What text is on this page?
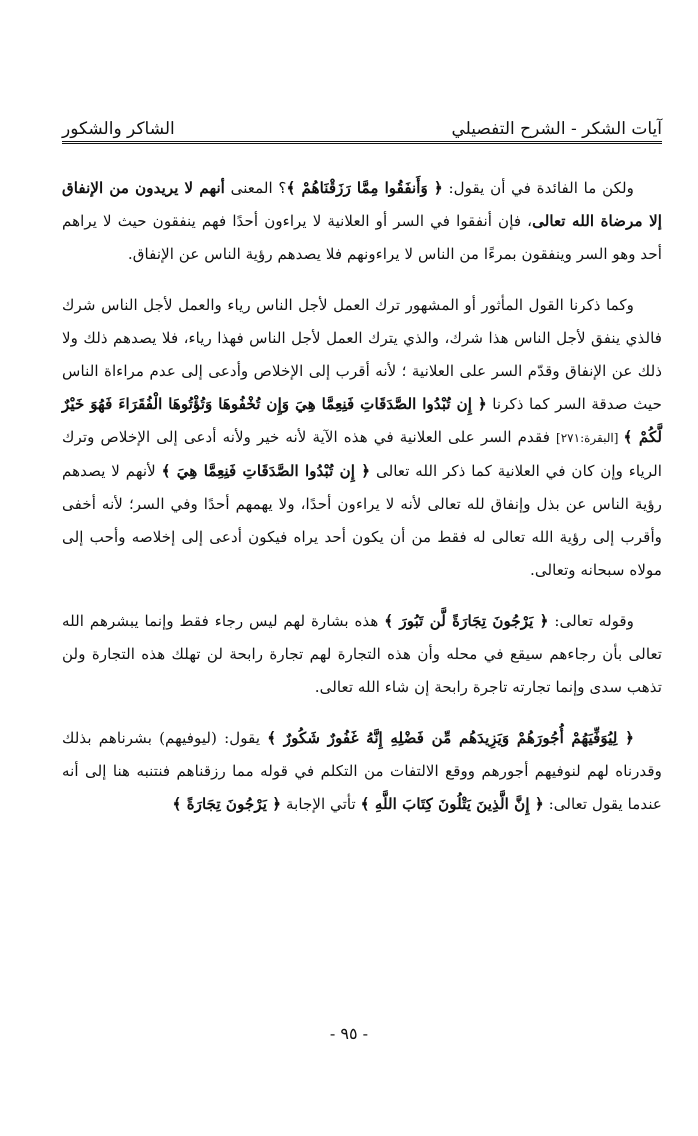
آيات الشكر - الشرح التفصيلي
الشاكر والشكور

ولكن ما الفائدة في أن يقول: ﴿ وَأَنفَقُوا مِمَّا رَزَقْنَاهُمْ ﴾؟ المعنى أنهم لا يريدون من الإنفاق إلا مرضاة الله تعالى، فإن أنفقوا في السر أو العلانية لا يراءون أحدًا فهم ينفقون حيث لا يراهم أحد وهو السر وينفقون بمرءًا من الناس لا يراءونهم فلا يصدهم رؤية الناس عن الإنفاق.

وكما ذكرنا القول المأثور أو المشهور ترك العمل لأجل الناس رياء والعمل لأجل الناس شرك فالذي ينفق لأجل الناس هذا شرك، والذي يترك العمل لأجل الناس فهذا رياء، فلا يصدهم ذلك ولا ذلك عن الإنفاق وقدّم السر على العلانية ؛ لأنه أقرب إلى الإخلاص وأدعى إلى عدم مراءاة الناس حيث صدقة السر كما ذكرنا ﴿ إِن تُبْدُوا الصَّدَقَاتِ فَنِعِمَّا هِيَ وَإِن تُخْفُوهَا وَتُؤْتُوهَا الْفُقَرَاءَ فَهُوَ خَيْرٌ لَّكُمْ ﴾ [البقرة:٢٧١] فقدم السر على العلانية في هذه الآية لأنه خير ولأنه أدعى إلى الإخلاص وترك الرياء وإن كان في العلانية كما ذكر الله تعالى ﴿ إِن تُبْدُوا الصَّدَقَاتِ فَنِعِمَّا هِيَ ﴾ لأنهم لا يصدهم رؤية الناس عن بذل وإنفاق لله تعالى لأنه لا يراءون أحدًا، ولا يهمهم أحدًا وفي السر؛ لأنه أخفى وأقرب إلى رؤية الله تعالى له فقط من أن يكون أحد يراه فيكون أدعى إلى إخلاصه وأحب إلى مولاه سبحانه وتعالى.

وقوله تعالى: ﴿ يَرْجُونَ تِجَارَةً لَّن تَبُورَ ﴾ هذه بشارة لهم ليس رجاء فقط وإنما يبشرهم الله تعالى بأن رجاءهم سيقع في محله وأن هذه التجارة لهم تجارة رابحة لن تهلك هذه التجارة ولن تذهب سدى وإنما تجارته تاجرة رابحة إن شاء الله تعالى.

﴿ لِيُوَفِّيَهُمْ أُجُورَهُمْ وَيَزِيدَهُم مِّن فَضْلِهِ إِنَّهُ غَفُورٌ شَكُورٌ ﴾ يقول: (ليوفيهم) بشرناهم بذلك وقدرناه لهم لنوفيهم أجورهم ووقع الالتفات من التكلم في قوله مما رزقناهم فنتنبه هنا إلى أنه عندما يقول تعالى: ﴿ إِنَّ الَّذِينَ يَتْلُونَ كِتَابَ اللَّهِ ﴾ تأتي الإجابة ﴿ يَرْجُونَ تِجَارَةً ﴾

- ٩٥ -
